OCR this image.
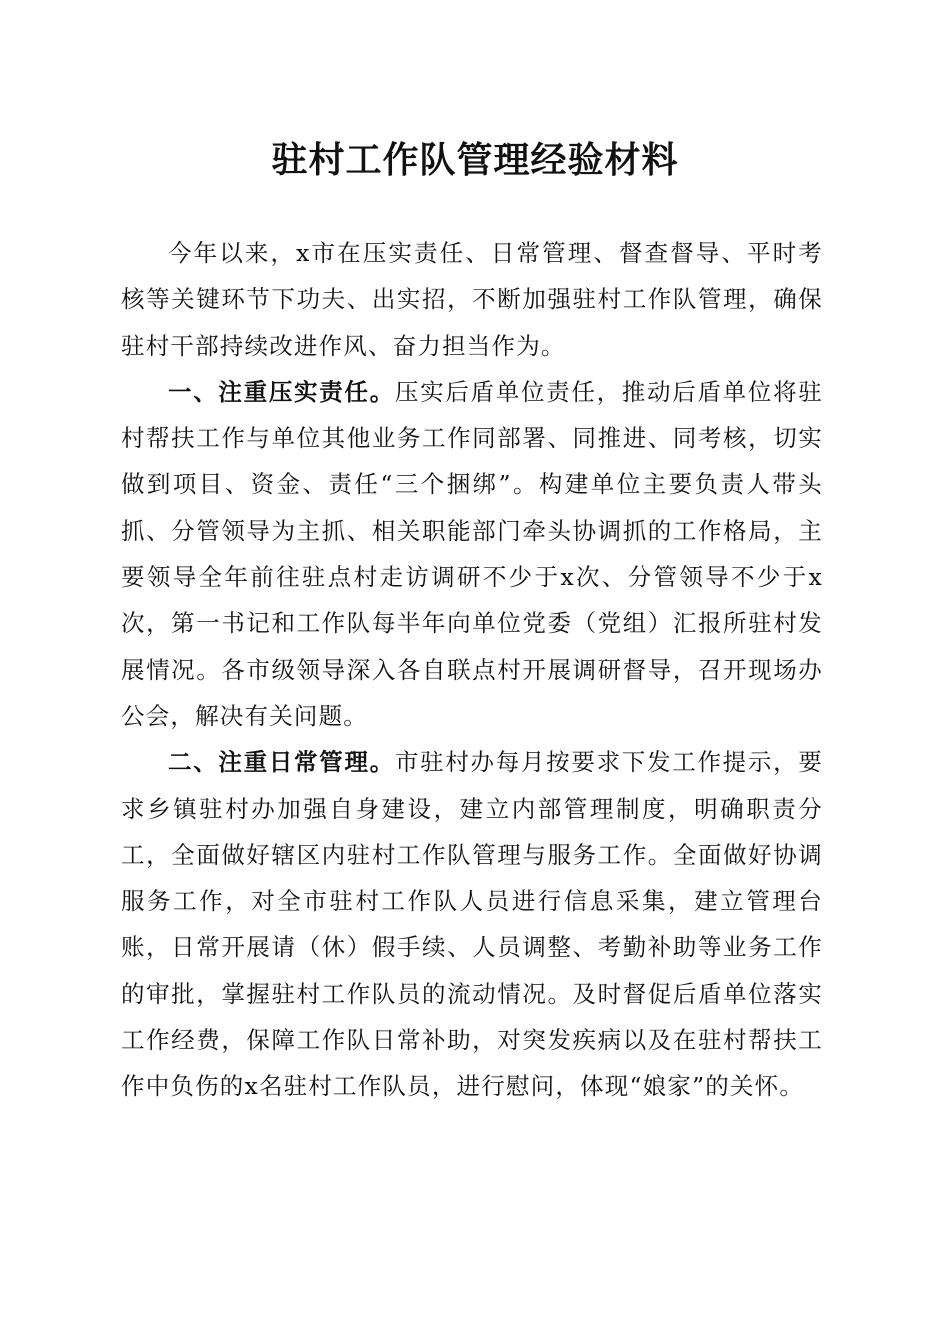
驻村工作队管理经验材料

今年以来，x市在压实责任、日常管理、督查督导、平时考核等关键环节下功夫、出实招，不断加强驻村工作队管理，确保驻村干部持续改进作风、奋力担当作为。

一、注重压实责任。压实后盾单位责任，推动后盾单位将驻村帮扶工作与单位其他业务工作同部署、同推进、同考核，切实做到项目、资金、责任“三个捆绑”。构建单位主要负责人带头抓、分管领导为主抓、相关职能部门牵头协调抓的工作格局，主要领导全年前往驻点村走访调研不少于x次、分管领导不少于x次，第一书记和工作队每半年向单位党委（党组）汇报所驻村发展情况。各市级领导深入各自联点村开展调研督导，召开现场办公会，解决有关问题。

二、注重日常管理。市驻村办每月按要求下发工作提示，要求乡镇驻村办加强自身建设，建立内部管理制度，明确职责分工，全面做好辖区内驻村工作队管理与服务工作。全面做好协调服务工作，对全市驻村工作队人员进行信息采集，建立管理台账，日常开展请（休）假手续、人员调整、考勤补助等业务工作的审批，掌握驻村工作队员的流动情况。及时督促后盾单位落实工作经费，保障工作队日常补助，对突发疾病以及在驻村帮扶工作中负伤的x名驻村工作队员，进行慰问，体现“娘家”的关怀。
